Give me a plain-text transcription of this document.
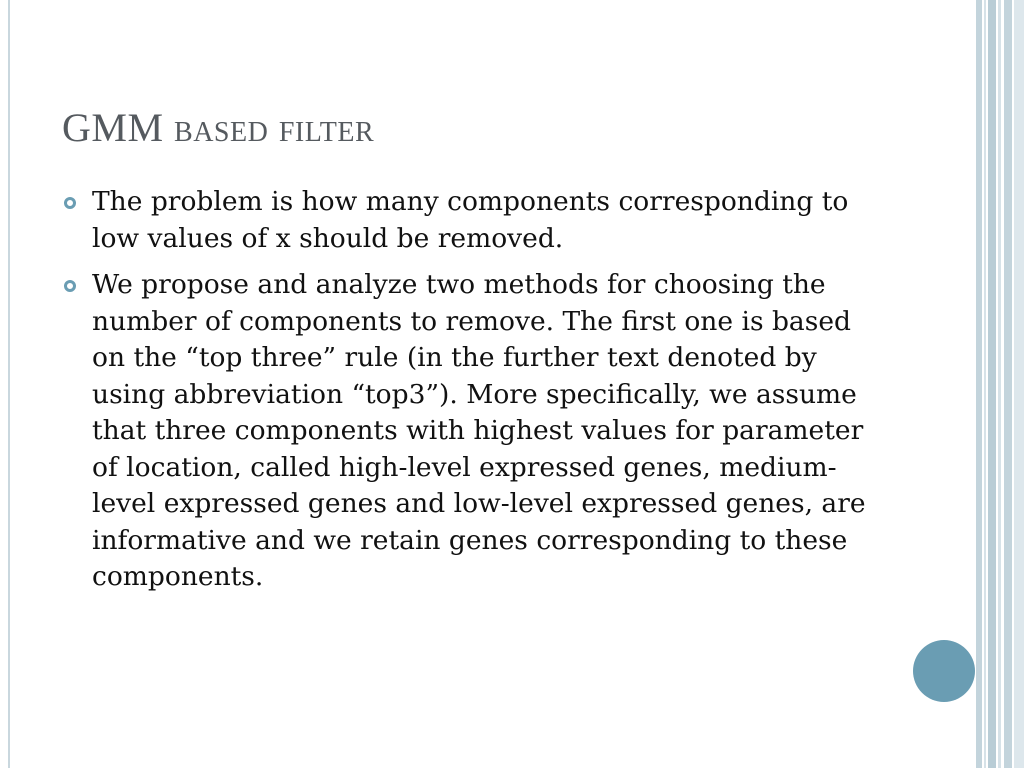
GMM based filter
The problem is how many components corresponding to low values of x should be removed.
We propose and analyze two methods for choosing the number of components to remove. The first one is based on the “top three” rule (in the further text denoted by using abbreviation “top3”). More specifically, we assume that three components with highest values for parameter of location, called high-level expressed genes, medium-level expressed genes and low-level expressed genes, are informative and we retain genes corresponding to these components.
